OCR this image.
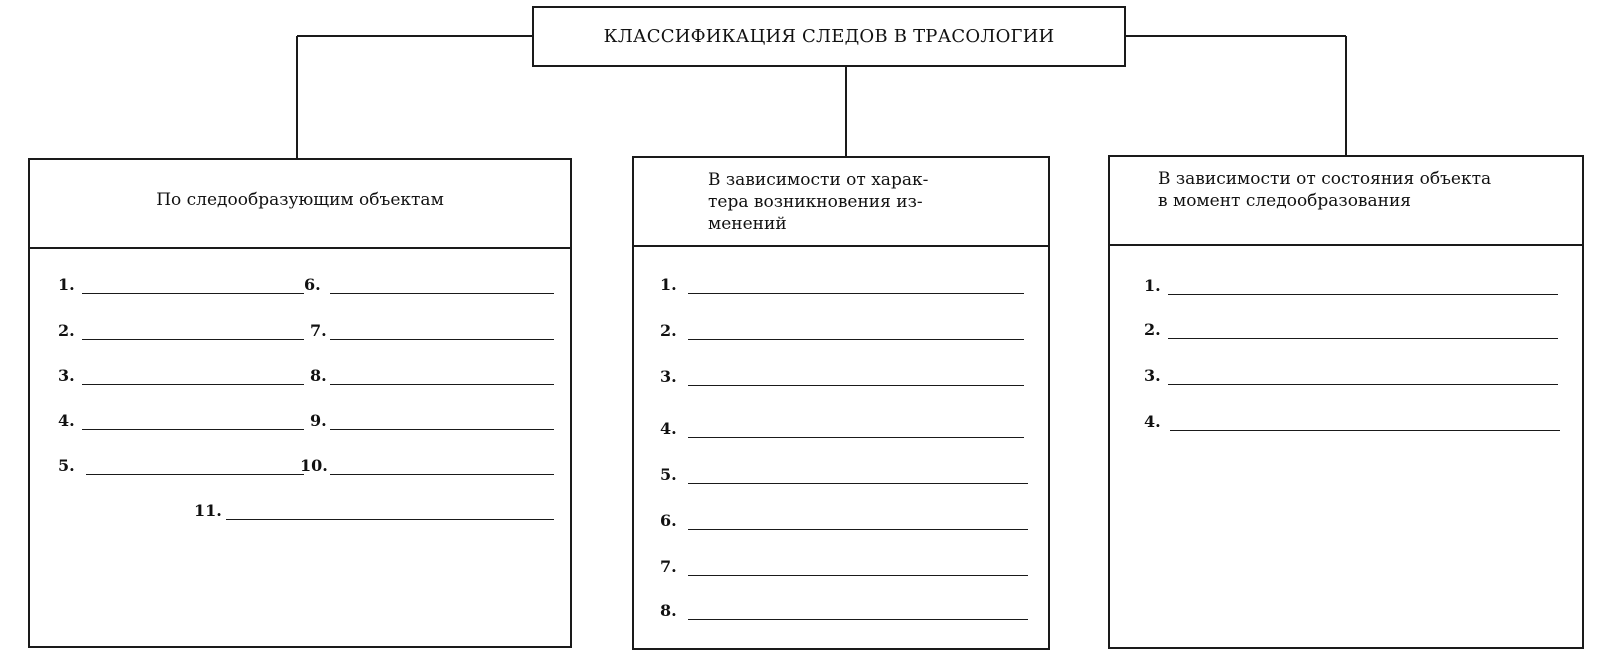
КЛАССИФИКАЦИЯ СЛЕДОВ В ТРАСОЛОГИИ
По следообразующим объектам
1.
2.
3.
4.
5.
6.
7.
8.
9.
10.
11.
В зависимости от харак-
тера возникновения из-
менений
1.
2.
3.
4.
5.
6.
7.
8.
В зависимости от состояния объекта
в момент следообразования
1.
2.
3.
4.
